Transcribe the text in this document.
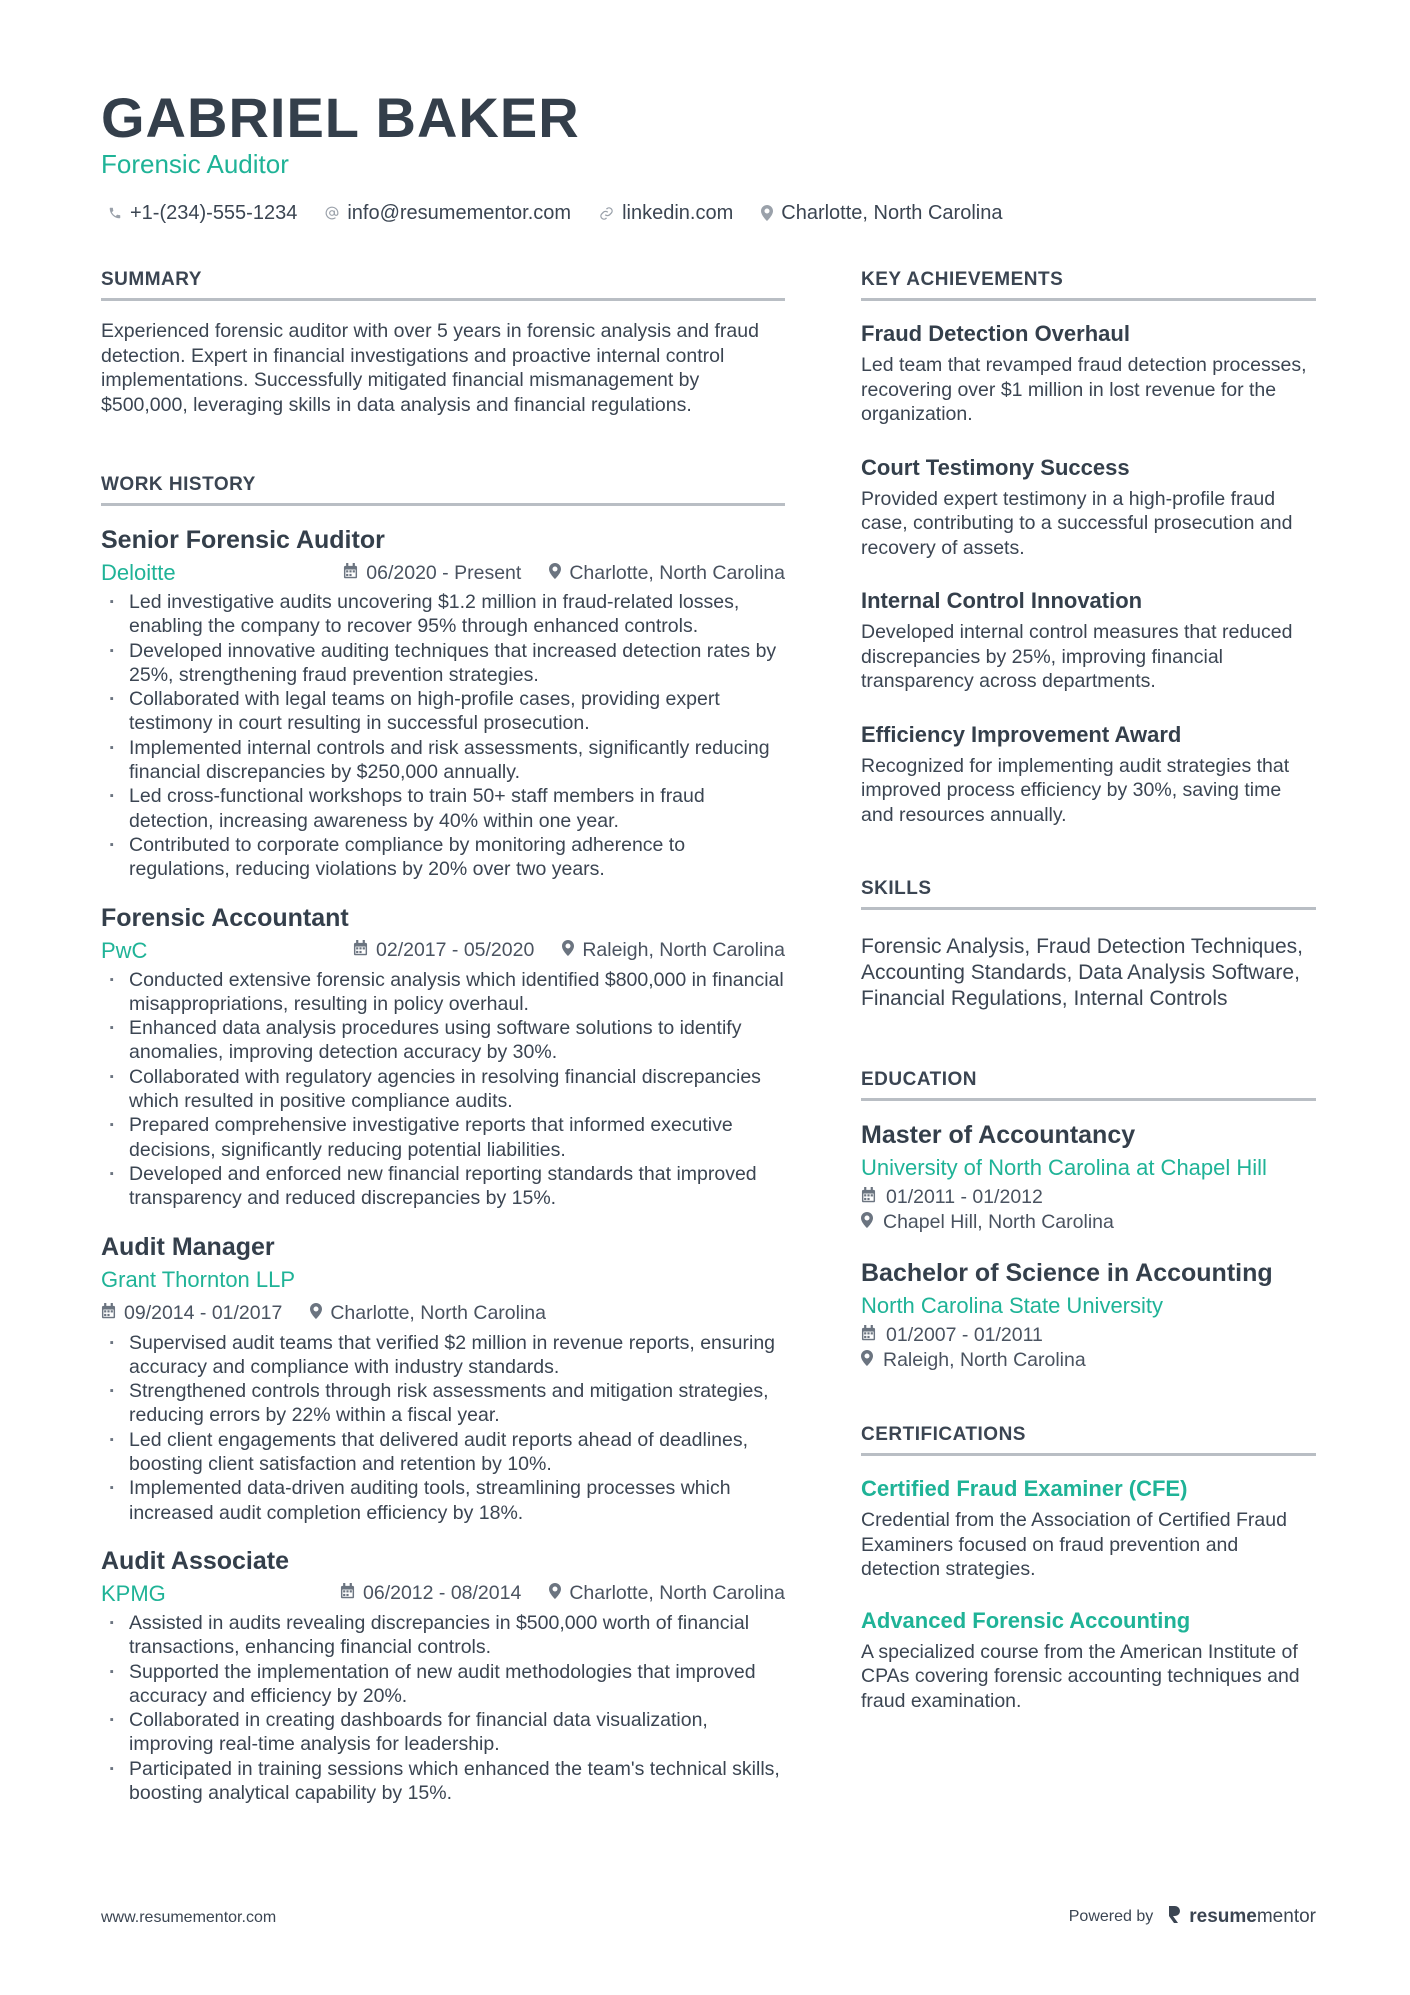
GABRIEL BAKER
Forensic Auditor
+1-(234)-555-1234	info@resumementor.com	linkedin.com Charlotte, North Carolina
SUMMARY

Experienced forensic auditor with over 5 years in forensic analysis and fraud detection. Expert in financial investigations and proactive internal control implementations. Successfully mitigated financial mismanagement by $500,000, leveraging skills in data analysis and financial regulations.

WORK HISTORY
Senior Forensic Auditor
Deloitte	06/2020 - Present Charlotte, North Carolina
· Led investigative audits uncovering $1.2 million in fraud-related losses, enabling the company to recover 95% through enhanced controls.
· Developed innovative auditing techniques that increased detection rates by 25%, strengthening fraud prevention strategies.
· Collaborated with legal teams on high-profile cases, providing expert testimony in court resulting in successful prosecution.
· Implemented internal controls and risk assessments, significantly reducing financial discrepancies by $250,000 annually.
· Led cross-functional workshops to train 50+ staff members in fraud detection, increasing awareness by 40% within one year.
· Contributed to corporate compliance by monitoring adherence to regulations, reducing violations by 20% over two years.
Forensic Accountant
PwC	02/2017 - 05/2020 Raleigh, North Carolina
· Conducted extensive forensic analysis which identified $800,000 in financial misappropriations, resulting in policy overhaul.
· Enhanced data analysis procedures using software solutions to identify anomalies, improving detection accuracy by 30%.
· Collaborated with regulatory agencies in resolving financial discrepancies which resulted in positive compliance audits.
· Prepared comprehensive investigative reports that informed executive decisions, significantly reducing potential liabilities.
· Developed and enforced new financial reporting standards that improved transparency and reduced discrepancies by 15%.
Audit Manager
Grant Thornton LLP
09/2014 - 01/2017 Charlotte, North Carolina
· Supervised audit teams that verified $2 million in revenue reports, ensuring accuracy and compliance with industry standards.
· Strengthened controls through risk assessments and mitigation strategies, reducing errors by 22% within a fiscal year.
· Led client engagements that delivered audit reports ahead of deadlines, boosting client satisfaction and retention by 10%.
· Implemented data-driven auditing tools, streamlining processes which increased audit completion efficiency by 18%.
Audit Associate
KPMG	06/2012 - 08/2014 Charlotte, North Carolina
· Assisted in audits revealing discrepancies in $500,000 worth of financial transactions, enhancing financial controls.
· Supported the implementation of new audit methodologies that improved accuracy and efficiency by 20%.
· Collaborated in creating dashboards for financial data visualization, improving real-time analysis for leadership.
· Participated in training sessions which enhanced the team's technical skills, boosting analytical capability by 15%.
KEY ACHIEVEMENTS
Fraud Detection Overhaul

Led team that revamped fraud detection processes, recovering over $1 million in lost revenue for the organization.

Court Testimony Success

Provided expert testimony in a high-profile fraud case, contributing to a successful prosecution and recovery of assets.

Internal Control Innovation

Developed internal control measures that reduced discrepancies by 25%, improving financial transparency across departments.

Efficiency Improvement Award

Recognized for implementing audit strategies that improved process efficiency by 30%, saving time and resources annually.

SKILLS

Forensic Analysis, Fraud Detection Techniques, Accounting Standards, Data Analysis Software, Financial Regulations, Internal Controls

EDUCATION
Master of Accountancy
University of North Carolina at Chapel Hill
01/2011 - 01/2012
Chapel Hill, North Carolina
Bachelor of Science in Accounting
North Carolina State University
01/2007 - 01/2011
Raleigh, North Carolina
CERTIFICATIONS
Certified Fraud Examiner (CFE)

Credential from the Association of Certified Fraud Examiners focused on fraud prevention and detection strategies.

Advanced Forensic Accounting

A specialized course from the American Institute of CPAs covering forensic accounting techniques and fraud examination.

www.resumementor.com	Powered by resumementor
